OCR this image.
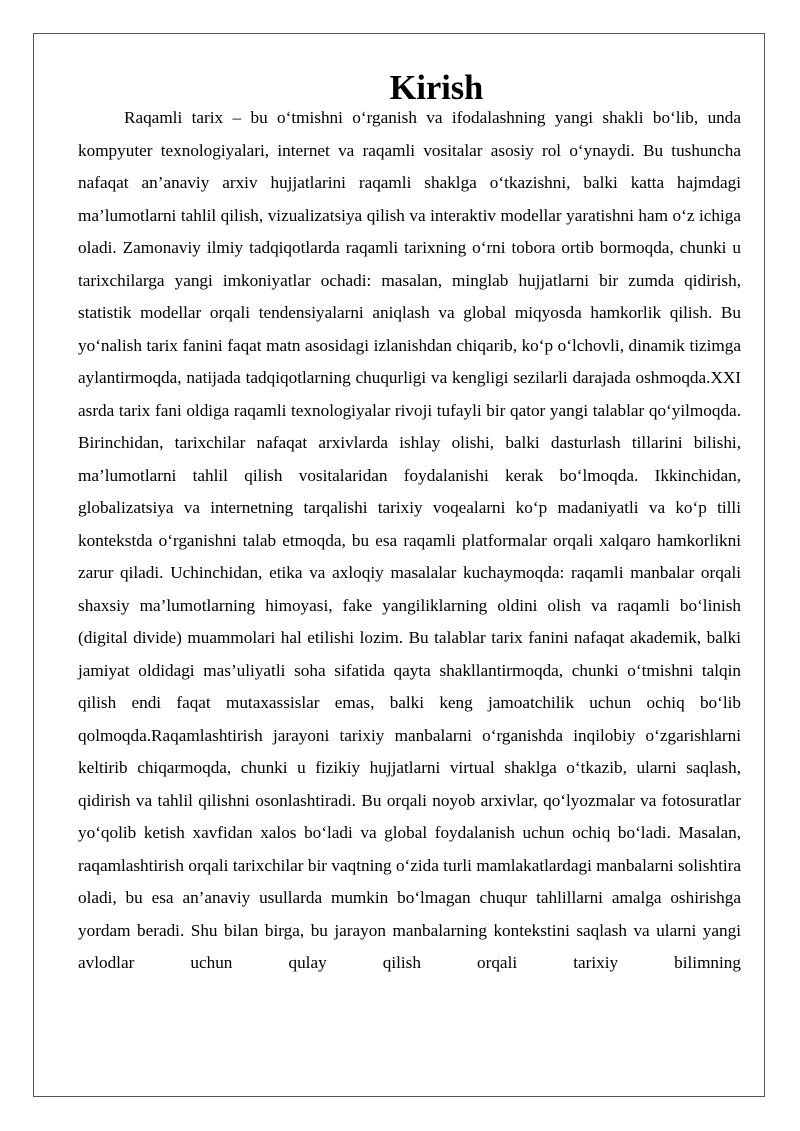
Kirish

Raqamli tarix – bu o‘tmishni o‘rganish va ifodalashning yangi shakli bo‘lib, unda kompyuter texnologiyalari, internet va raqamli vositalar asosiy rol o‘ynaydi. Bu tushuncha nafaqat an’anaviy arxiv hujjatlarini raqamli shaklga o‘tkazishni, balki katta hajmdagi ma’lumotlarni tahlil qilish, vizualizatsiya qilish va interaktiv modellar yaratishni ham o‘z ichiga oladi. Zamonaviy ilmiy tadqiqotlarda raqamli tarixning o‘rni tobora ortib bormoqda, chunki u tarixchilarga yangi imkoniyatlar ochadi: masalan, minglab hujjatlarni bir zumda qidirish, statistik modellar orqali tendensiyalarni aniqlash va global miqyosda hamkorlik qilish. Bu yo‘nalish tarix fanini faqat matn asosidagi izlanishdan chiqarib, ko‘p o‘lchovli, dinamik tizimga aylantirmoqda, natijada tadqiqotlarning chuqurligi va kengligi sezilarli darajada oshmoqda.XXI asrda tarix fani oldiga raqamli texnologiyalar rivoji tufayli bir qator yangi talablar qo‘yilmoqda. Birinchidan, tarixchilar nafaqat arxivlarda ishlay olishi, balki dasturlash tillarini bilishi, ma’lumotlarni tahlil qilish vositalaridan foydalanishi kerak bo‘lmoqda. Ikkinchidan, globalizatsiya va internetning tarqalishi tarixiy voqealarni ko‘p madaniyatli va ko‘p tilli kontekstda o‘rganishni talab etmoqda, bu esa raqamli platformalar orqali xalqaro hamkorlikni zarur qiladi. Uchinchidan, etika va axloqiy masalalar kuchaymoqda: raqamli manbalar orqali shaxsiy ma’lumotlarning himoyasi, fake yangiliklarning oldini olish va raqamli bo‘linish (digital divide) muammolari hal etilishi lozim. Bu talablar tarix fanini nafaqat akademik, balki jamiyat oldidagi mas’uliyatli soha sifatida qayta shakllantirmoqda, chunki o‘tmishni talqin qilish endi faqat mutaxassislar emas, balki keng jamoatchilik uchun ochiq bo‘lib qolmoqda.Raqamlashtirish jarayoni tarixiy manbalarni o‘rganishda inqilobiy o‘zgarishlarni keltirib chiqarmoqda, chunki u fizikiy hujjatlarni virtual shaklga o‘tkazib, ularni saqlash, qidirish va tahlil qilishni osonlashtiradi. Bu orqali noyob arxivlar, qo‘lyozmalar va fotosuratlar yo‘qolib ketish xavfidan xalos bo‘ladi va global foydalanish uchun ochiq bo‘ladi. Masalan, raqamlashtirish orqali tarixchilar bir vaqtning o‘zida turli mamlakatlardagi manbalarni solishtira oladi, bu esa an’anaviy usullarda mumkin bo‘lmagan chuqur tahlillarni amalga oshirishga yordam beradi. Shu bilan birga, bu jarayon manbalarning kontekstini saqlash va ularni yangi avlodlar uchun qulay qilish orqali tarixiy bilimning
